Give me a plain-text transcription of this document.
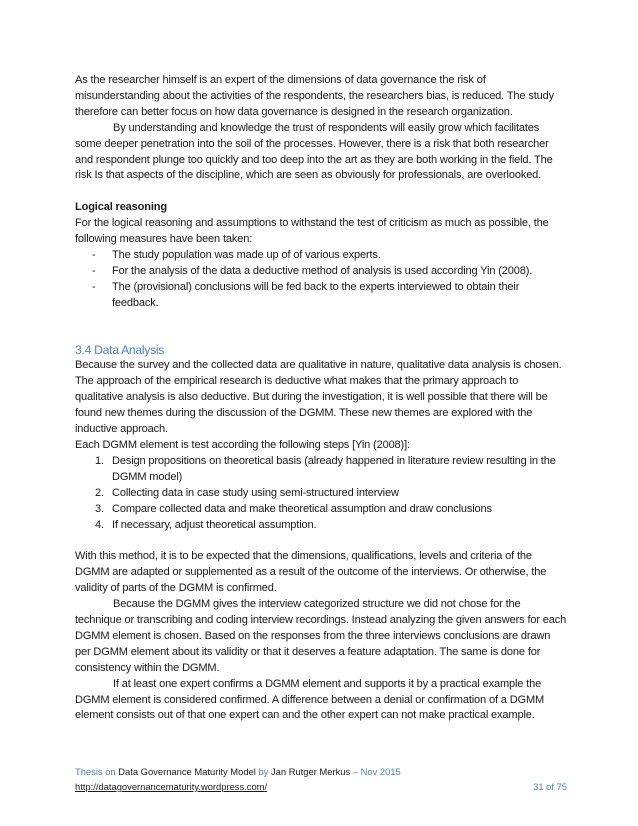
As the researcher himself is an expert of the dimensions of data governance the risk of misunderstanding about the activities of the respondents, the researchers bias, is reduced. The study therefore can better focus on how data governance is designed in the research organization.

By understanding and knowledge the trust of respondents will easily grow which facilitates some deeper penetration into the soil of the processes. However, there is a risk that both researcher and respondent plunge too quickly and too deep into the art as they are both working in the field. The risk Is that aspects of the discipline, which are seen as obviously for professionals, are overlooked.

Logical reasoning

For the logical reasoning and assumptions to withstand the test of criticism as much as possible, the following measures have been taken:

- The study population was made up of of various experts.
- For the analysis of the data a deductive method of analysis is used according Yin (2008).
- The (provisional) conclusions will be fed back to the experts interviewed to obtain their feedback.
3.4 Data Analysis

Because the survey and the collected data are qualitative in nature, qualitative data analysis is chosen. The approach of the empirical research is deductive what makes that the primary approach to qualitative analysis is also deductive. But during the investigation, it is well possible that there will be found new themes during the discussion of the DGMM. These new themes are explored with the inductive approach.

Each DGMM element is test according the following steps [Yin (2008)]:

1. Design propositions on theoretical basis (already happened in literature review resulting in the DGMM model)
2. Collecting data in case study using semi-structured interview
3. Compare collected data and make theoretical assumption and draw conclusions
4. If necessary, adjust theoretical assumption.

With this method, it is to be expected that the dimensions, qualifications, levels and criteria of the DGMM are adapted or supplemented as a result of the outcome of the interviews. Or otherwise, the validity of parts of the DGMM is confirmed.

Because the DGMM gives the interview categorized structure we did not chose for the technique or transcribing and coding interview recordings. Instead analyzing the given answers for each DGMM element is chosen. Based on the responses from the three interviews conclusions are drawn per DGMM element about its validity or that it deserves a feature adaptation. The same is done for consistency within the DGMM.

If at least one expert confirms a DGMM element and supports it by a practical example the DGMM element is considered confirmed. A difference between a denial or confirmation of a DGMM element consists out of that one expert can and the other expert can not make practical example.

Thesis on Data Governance Maturity Model by Jan Rutger Merkus – Nov 2015
http://datagovernancematurity.wordpress.com/	31 of 75
